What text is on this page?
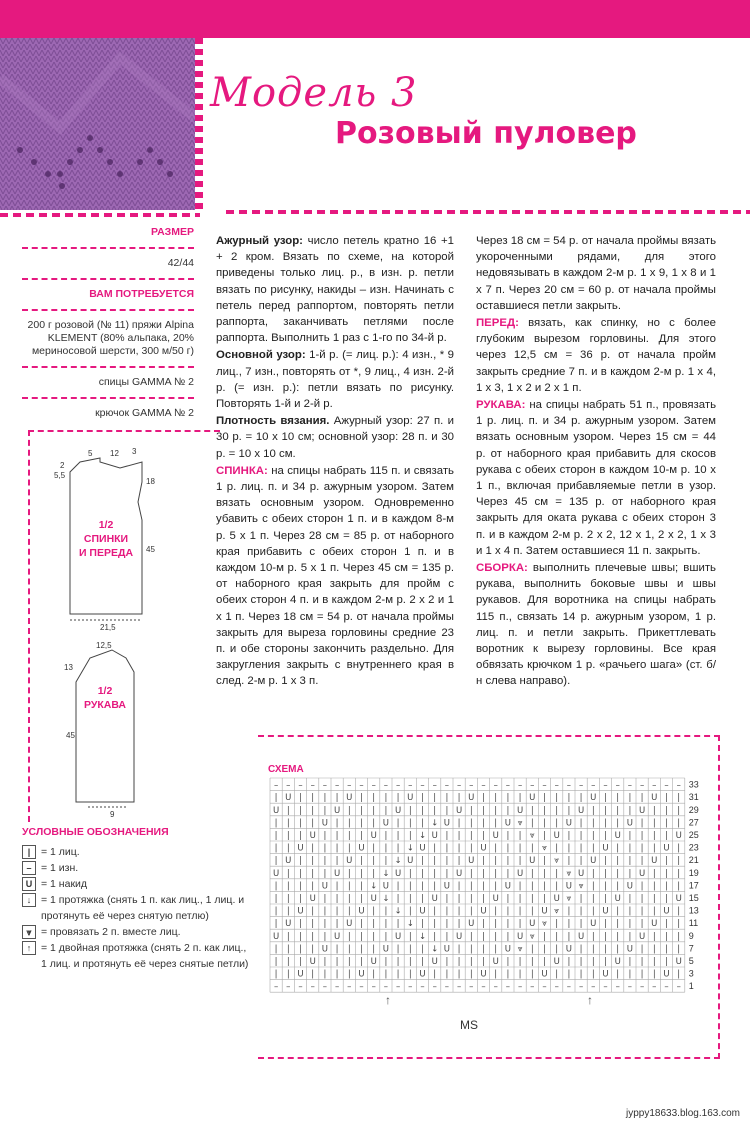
Модель 3
Розовый пуловер
РАЗМЕР
42/44
ВАМ ПОТРЕБУЕТСЯ
200 г розовой (№ 11) пряжи Alpina KLEMENT (80% альпака, 20% мериносовой шерсти, 300 м/50 г)
спицы GAMMA № 2
крючок GAMMA № 2
5 12 3
2
5,5
18
45
21,5
12,5
13
45
9
1/2
СПИНКИ
И ПЕРЕДА
1/2
РУКАВА

Ажурный узор: число петель кратно 16 +1 + 2 кром. Вязать по схеме, на которой приведены только лиц. р., в изн. р. петли вязать по рисунку, накиды – изн. Начинать с петель перед раппортом, повторять петли раппорта, заканчивать петлями после раппорта. Выполнить 1 раз с 1-го по 34-й р.

Основной узор: 1-й р. (= лиц. р.): 4 изн., * 9 лиц., 7 изн., повторять от *, 9 лиц., 4 изн. 2-й р. (= изн. р.): петли вязать по рисунку. Повторять 1-й и 2-й р.

Плотность вязания. Ажурный узор: 27 п. и 30 р. = 10 х 10 см; основной узор: 28 п. и 30 р. = 10 х 10 см.

СПИНКА: на спицы набрать 115 п. и связать 1 р. лиц. п. и 34 р. ажурным узором. Затем вязать основным узором. Одновременно убавить с обеих сторон 1 п. и в каждом 8-м р. 5 х 1 п. Через 28 см = 85 р. от наборного края прибавить с обеих сторон 1 п. и в каждом 10-м р. 5 х 1 п. Через 45 см = 135 р. от наборного края закрыть для пройм с обеих сторон 4 п. и в каждом 2-м р. 2 х 2 и 1 х 1 п. Через 18 см = 54 р. от начала проймы закрыть для выреза горловины средние 23 п. и обе стороны закончить раздельно. Для закругления закрыть с внутреннего края в след. 2-м р. 1 х 3 п.

Через 18 см = 54 р. от начала проймы вязать укороченными рядами, для этого недовязывать в каждом 2-м р. 1 х 9, 1 х 8 и 1 х 7 п. Через 20 см = 60 р. от начала проймы оставшиеся петли закрыть.

ПЕРЕД: вязать, как спинку, но с более глубоким вырезом горловины. Для этого через 12,5 см = 36 р. от начала пройм закрыть средние 7 п. и в каждом 2-м р. 1 х 4, 1 х 3, 1 х 2 и 2 х 1 п.

РУКАВА: на спицы набрать 51 п., провязать 1 р. лиц. п. и 34 р. ажурным узором. Затем вязать основным узором. Через 15 см = 44 р. от наборного края прибавить для скосов рукава с обеих сторон в каждом 10-м р. 10 х 1 п., включая прибавляемые петли в узор. Через 45 см = 135 р. от наборного края закрыть для оката рукава с обеих сторон 3 п. и в каждом 2-м р. 2 х 2, 12 х 1, 2 х 2, 1 х 3 и 1 х 4 п. Затем оставшиеся 11 п. закрыть.

СБОРКА: выполнить плечевые швы; вшить рукава, выполнить боковые швы и швы рукавов. Для воротника на спицы набрать 115 п., связать 14 р. ажурным узором, 1 р. лиц. п. и петли закрыть. Прикеттлевать воротник к вырезу горловины. Все края обвязать крючком 1 р. «рачьего шага» (ст. б/н слева направо).

СХЕМА
33
31
29
27
25
23
21
19
17
15
13
11
9
7
5
3
1
– – – – – – – – – – – – – – – – – – – – – – – – – – – – – – – – – –
| U | | | | U | | | | U | | | | U | | | | U | | | | U | | | | U | |
U | | | | U | | | | U | | | | U | | | | U | | | | U | | | | U | | |
| | | | U | | | | U | | | ↓ U | | | | U ⩔ | | | U | | | | U | | | |
| | | U | | | | U | | | ↓ U | | | | U | | ⩔ | U | | | | U | | | | U
| | U | | | | U | | | ↓ U | | | | U | | | | ⩔ | | | | U | | | | U |
| U | | | | U | | | ↓ U | | | | U | | | | U | ⩔ | | U | | | | U | |
U | | | | U | | | ↓ U | | | | U | | | | U | | | ⩔ U | | | | U | | |
| | | | U | | | ↓ U | | | | U | | | | U | | | | U ⩔ | | | U | | | |
| | | U | | | | U ↓ | | | U | | | | U | | | | U ⩔ | | | U | | | | U
| | U | | | | U | | ↓ | U | | | | U | | | | U ⩔ | | | U | | | | U |
| U | | | | U | | | | ↓ | | | | U | | | | U ⩔ | | | U | | | | U | |
U | | | | U | | | | U | ↓ | | U | | | | U ⩔ | | | U | | | | U | | |
| | | | U | | | | U | | | ↓ U | | | | U ⩔ | | | U | | | | U | | | |
| | | U | | | | U | | | | U | | | | U | | | | U | | | | U | | | | U
| | U | | | | U | | | | U | | | | U | | | | U | | | | U | | | | U |
– – – – – – – – – – – – – – – – – – – – – – – – – – – – – – – – – –
↑	↑
MS
УСЛОВНЫЕ ОБОЗНАЧЕНИЯ
|	= 1 лиц.
– = 1 изн.
U = 1 накид
↓ = 1 протяжка (снять 1 п. как лиц., 1 лиц. и протянуть её через снятую петлю)
⩔ = провязать 2 п. вместе лиц.
↑ = 1 двойная протяжка (снять 2 п. как лиц., 1 лиц. и протянуть её через снятые петли)
jyppy18633.blog.163.com
